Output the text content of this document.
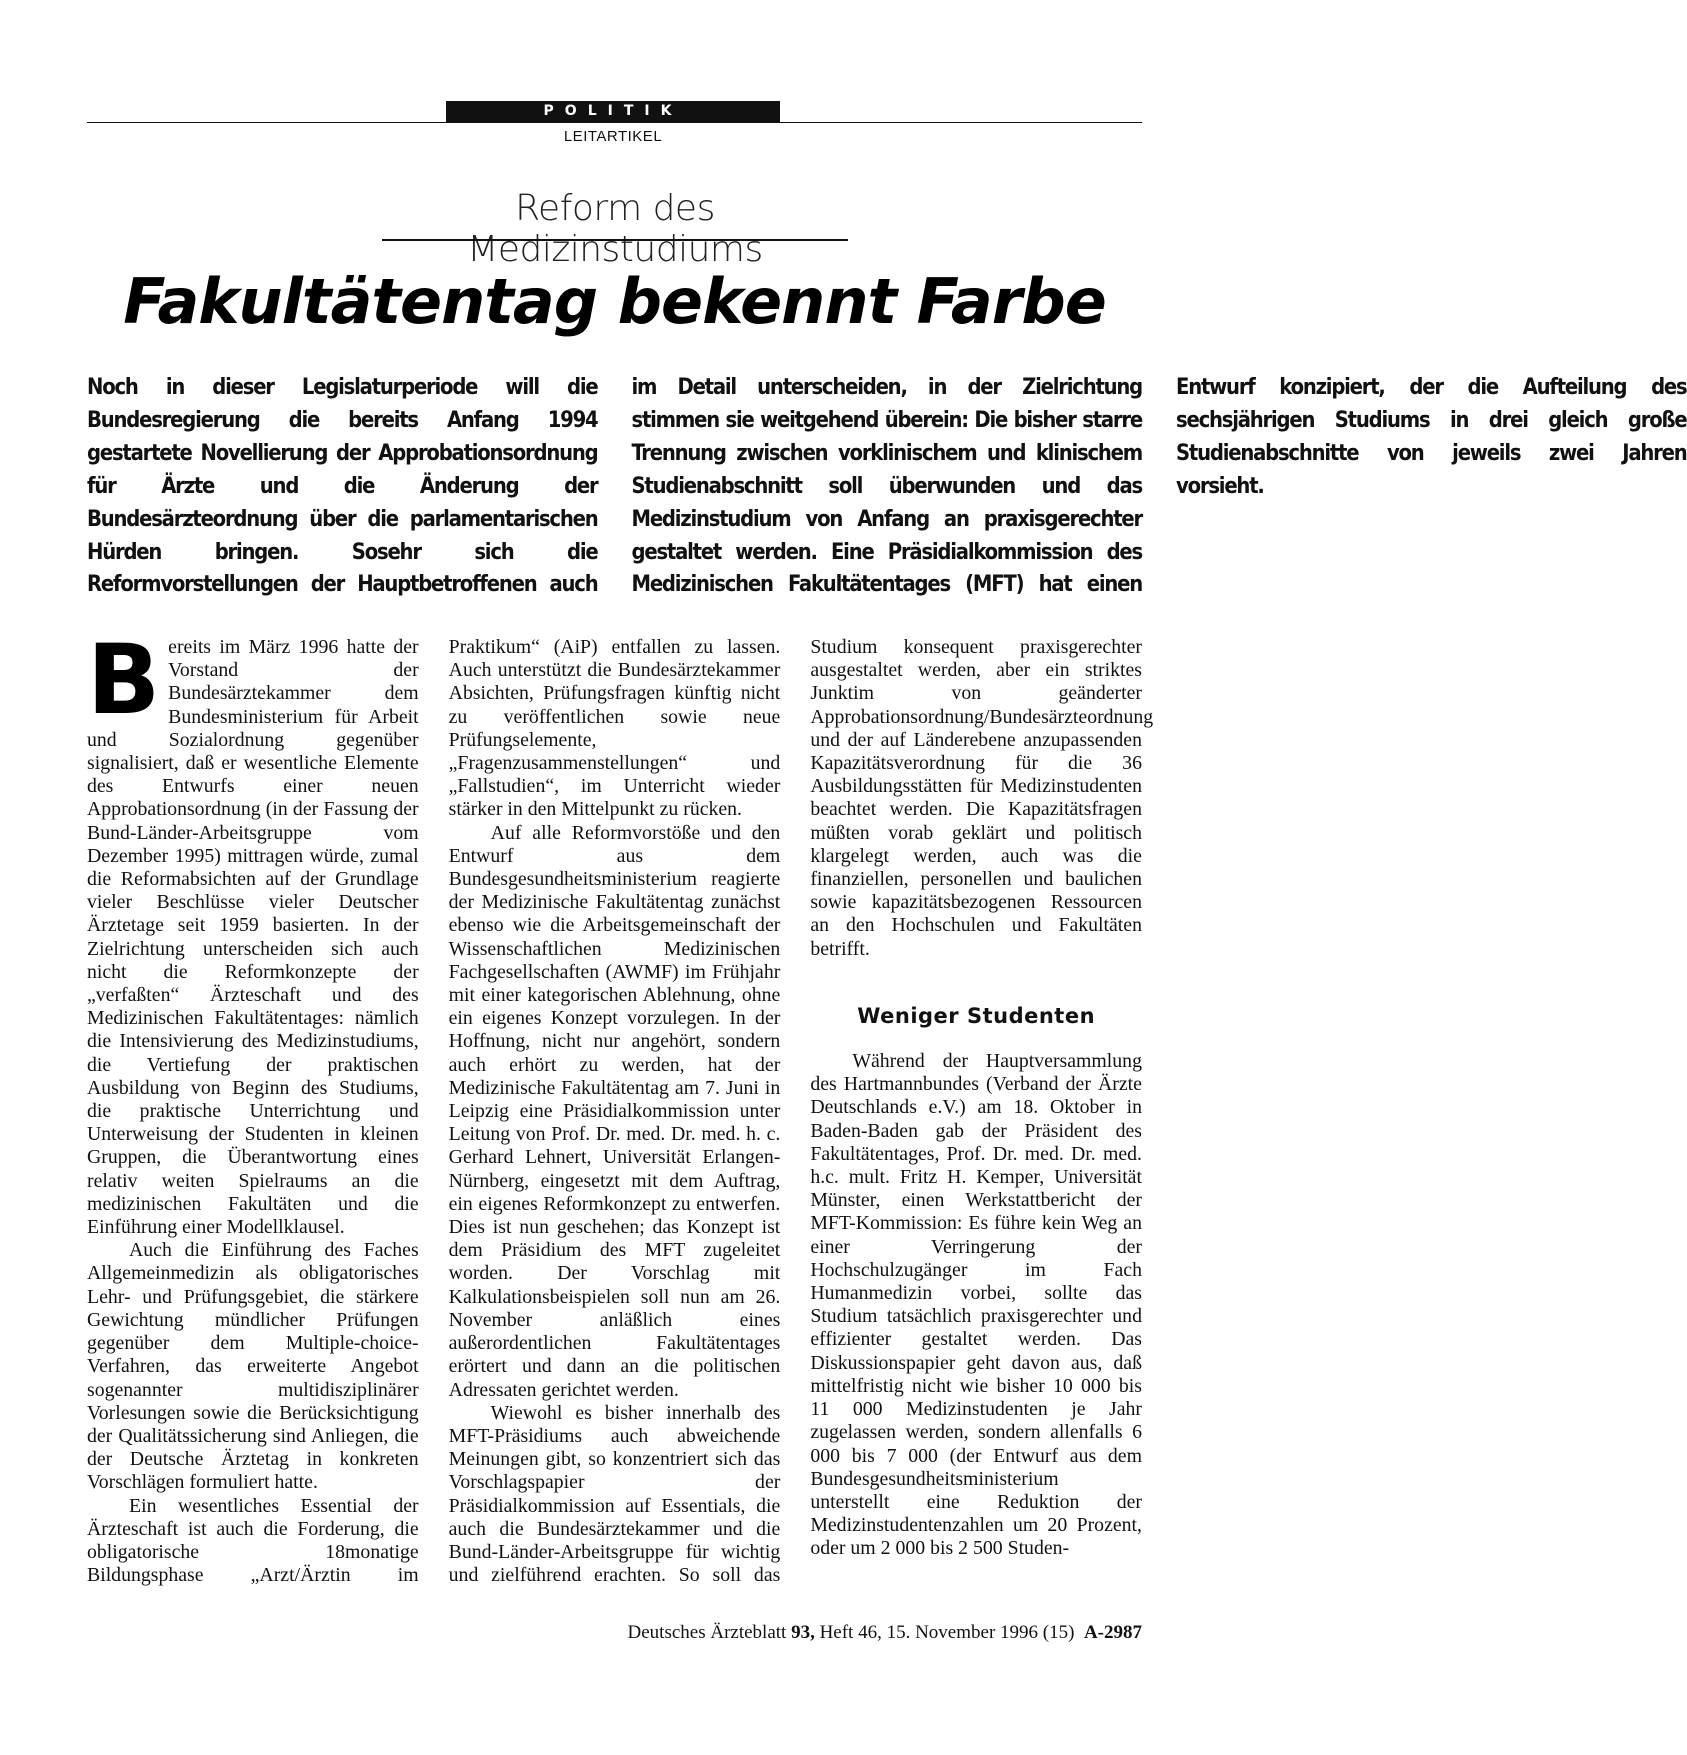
POLITIK
LEITARTIKEL
Reform des Medizinstudiums
Fakultätentag bekennt Farbe
Noch in dieser Legislaturperiode will die Bundesregierung die bereits Anfang 1994 gestartete Novellierung der Approbationsordnung für Ärzte und die Änderung der Bundesärzteordnung über die parlamentarischen Hürden bringen. Sosehr sich die Reformvorstellungen der Hauptbetroffenen auch im Detail unterscheiden, in der Zielrichtung stimmen sie weitgehend überein: Die bisher starre Trennung zwischen vorklinischem und klinischem Studienabschnitt soll überwunden und das Medizinstudium von Anfang an praxisgerechter gestaltet werden. Eine Präsidialkommission des Medizinischen Fakultätentages (MFT) hat einen Entwurf konzipiert, der die Aufteilung des sechsjährigen Studiums in drei gleich große Studienabschnitte von jeweils zwei Jahren vorsieht.

Bereits im März 1996 hatte der Vorstand der Bundesärztekammer dem Bundesministerium für Arbeit und Sozialordnung gegenüber signalisiert, daß er wesentliche Elemente des Entwurfs einer neuen Approbationsordnung (in der Fassung der Bund-Länder-Arbeitsgruppe vom Dezember 1995) mittragen würde, zumal die Reformabsichten auf der Grundlage vieler Beschlüsse vieler Deutscher Ärztetage seit 1959 basierten. In der Zielrichtung unterscheiden sich auch nicht die Reformkonzepte der „verfaßten“ Ärzteschaft und des Medizinischen Fakultätentages: nämlich die Intensivierung des Medizinstudiums, die Vertiefung der praktischen Ausbildung von Beginn des Studiums, die praktische Unterrichtung und Unterweisung der Studenten in kleinen Gruppen, die Überantwortung eines relativ weiten Spielraums an die medizinischen Fakultäten und die Einführung einer Modellklausel.

Auch die Einführung des Faches Allgemeinmedizin als obligatorisches Lehr- und Prüfungsgebiet, die stärkere Gewichtung mündlicher Prüfungen gegenüber dem Multiple-choice-Verfahren, das erweiterte Angebot sogenannter multidisziplinärer Vorlesungen sowie die Berücksichtigung der Qualitätssicherung sind Anliegen, die der Deutsche Ärztetag in konkreten Vorschlägen formuliert hatte.

Ein wesentliches Essential der Ärzteschaft ist auch die Forderung, die obligatorische 18monatige Bildungsphase „Arzt/Ärztin im Praktikum“ (AiP) entfallen zu lassen. Auch unterstützt die Bundesärztekammer Absichten, Prüfungsfragen künftig nicht zu veröffentlichen sowie neue Prüfungselemente, „Fragenzusammenstellungen“ und „Fallstudien“, im Unterricht wieder stärker in den Mittelpunkt zu rücken.

Auf alle Reformvorstöße und den Entwurf aus dem Bundesgesundheitsministerium reagierte der Medizinische Fakultätentag zunächst ebenso wie die Arbeitsgemeinschaft der Wissenschaftlichen Medizinischen Fachgesellschaften (AWMF) im Frühjahr mit einer kategorischen Ablehnung, ohne ein eigenes Konzept vorzulegen. In der Hoffnung, nicht nur angehört, sondern auch erhört zu werden, hat der Medizinische Fakultätentag am 7. Juni in Leipzig eine Präsidialkommission unter Leitung von Prof. Dr. med. Dr. med. h. c. Gerhard Lehnert, Universität Erlangen-Nürnberg, eingesetzt mit dem Auftrag, ein eigenes Reformkonzept zu entwerfen. Dies ist nun geschehen; das Konzept ist dem Präsidium des MFT zugeleitet worden. Der Vorschlag mit Kalkulationsbeispielen soll nun am 26. November anläßlich eines außerordentlichen Fakultätentages erörtert und dann an die politischen Adressaten gerichtet werden.

Wiewohl es bisher innerhalb des MFT-Präsidiums auch abweichende Meinungen gibt, so konzentriert sich das Vorschlagspapier der Präsidialkommission auf Essentials, die auch die Bundesärztekammer und die Bund-Länder-Arbeitsgruppe für wichtig und zielführend erachten. So soll das Studium konsequent praxisgerechter ausgestaltet werden, aber ein striktes Junktim von geänderter Approbationsordnung/Bundesärzteordnung und der auf Länderebene anzupassenden Kapazitätsverordnung für die 36 Ausbildungsstätten für Medizinstudenten beachtet werden. Die Kapazitätsfragen müßten vorab geklärt und politisch klargelegt werden, auch was die finanziellen, personellen und baulichen sowie kapazitätsbezogenen Ressourcen an den Hochschulen und Fakultäten betrifft.

Weniger Studenten

Während der Hauptversammlung des Hartmannbundes (Verband der Ärzte Deutschlands e.V.) am 18. Oktober in Baden-Baden gab der Präsident des Fakultätentages, Prof. Dr. med. Dr. med. h.c. mult. Fritz H. Kemper, Universität Münster, einen Werkstattbericht der MFT-Kommission: Es führe kein Weg an einer Verringerung der Hochschulzugänger im Fach Humanmedizin vorbei, sollte das Studium tatsächlich praxisgerechter und effizienter gestaltet werden. Das Diskussionspapier geht davon aus, daß mittelfristig nicht wie bisher 10 000 bis 11 000 Medizinstudenten je Jahr zugelassen werden, sondern allenfalls 6 000 bis 7 000 (der Entwurf aus dem Bundesgesundheitsministerium unterstellt eine Reduktion der Medizinstudentenzahlen um 20 Prozent, oder um 2 000 bis 2 500 Studen-

Deutsches Ärzteblatt 93, Heft 46, 15. November 1996 (15) A-2987
